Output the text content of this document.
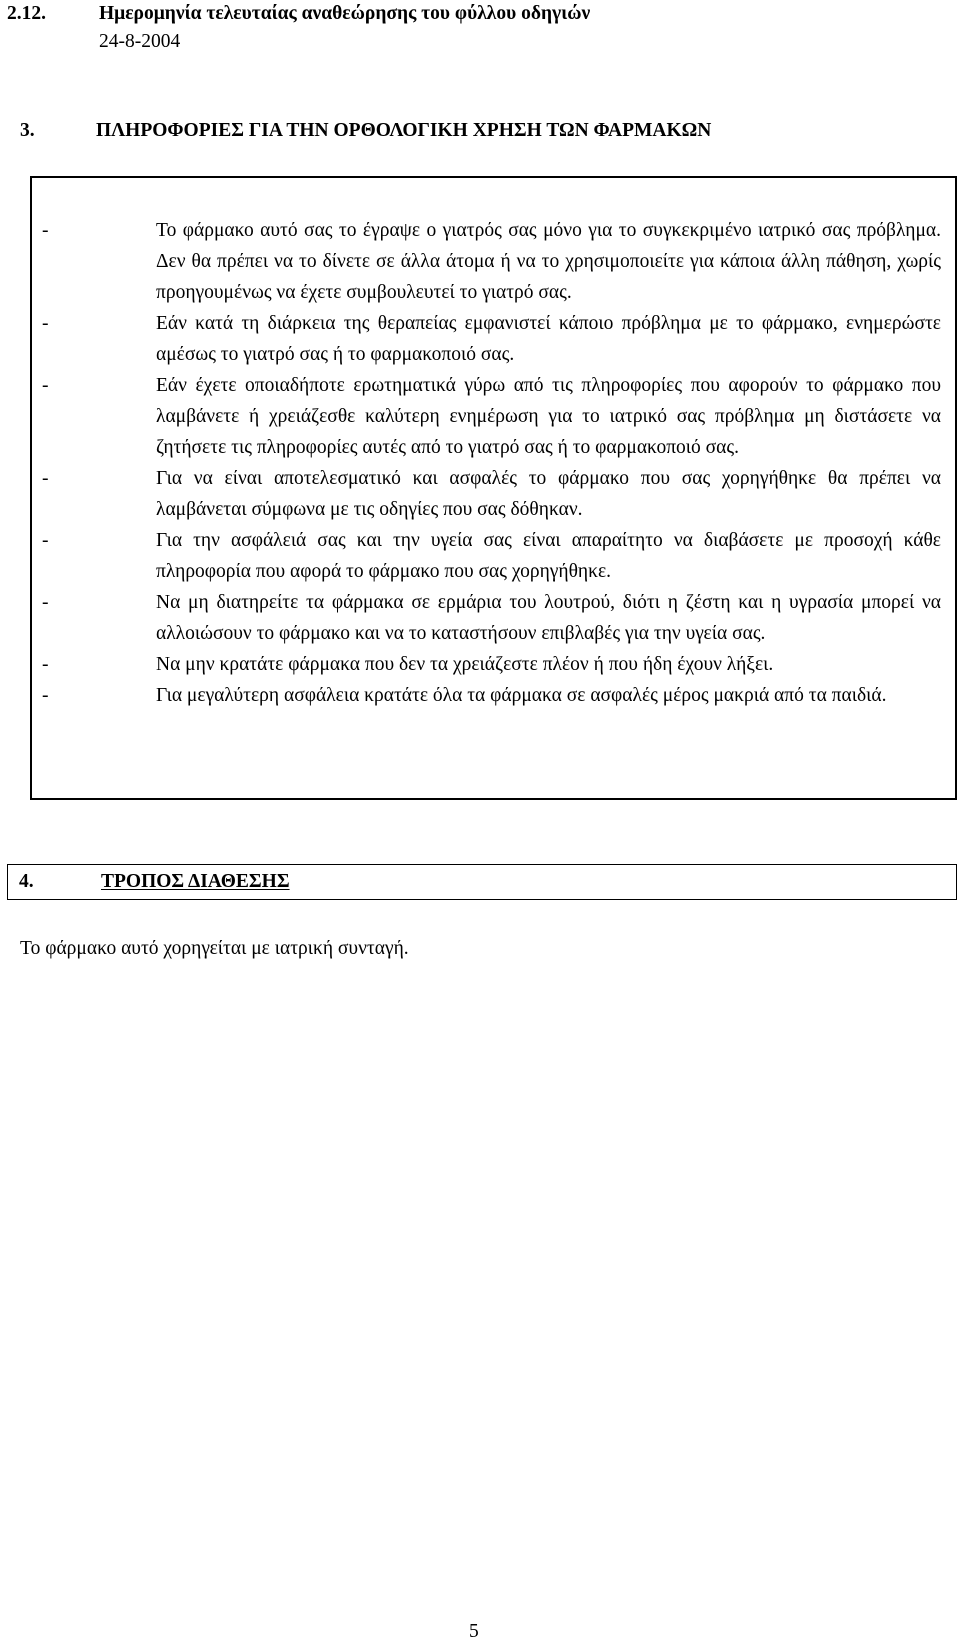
2.12.	Ημερομηνία τελευταίας αναθεώρησης του φύλλου οδηγιών
24-8-2004
3.	ΠΛΗΡΟΦΟΡΙΕΣ ΓΙΑ ΤΗΝ ΟΡΘΟΛΟΓΙΚΗ ΧΡΗΣΗ ΤΩΝ ΦΑΡΜΑΚΩΝ
-	Το φάρμακο αυτό σας το έγραψε ο γιατρός σας μόνο για το συγκεκριμένο ιατρικό σας πρόβλημα. Δεν θα πρέπει να το δίνετε σε άλλα άτομα ή να το χρησιμοποιείτε για κάποια άλλη πάθηση, χωρίς προηγουμένως να έχετε συμβουλευτεί το γιατρό σας.
-	Εάν κατά τη διάρκεια της θεραπείας εμφανιστεί κάποιο πρόβλημα με το φάρμακο, ενημερώστε αμέσως το γιατρό σας ή το φαρμακοποιό σας.
-	Εάν έχετε οποιαδήποτε ερωτηματικά γύρω από τις πληροφορίες που αφορούν το φάρμακο που λαμβάνετε ή χρειάζεσθε καλύτερη ενημέρωση για το ιατρικό σας πρόβλημα μη διστάσετε να ζητήσετε τις πληροφορίες αυτές από το γιατρό σας ή το φαρμακοποιό σας.
-	Για να είναι αποτελεσματικό και ασφαλές το φάρμακο που σας χορηγήθηκε θα πρέπει να λαμβάνεται σύμφωνα με τις οδηγίες που σας δόθηκαν.
-	Για την ασφάλειά σας και την υγεία σας είναι απαραίτητο να διαβάσετε με προσοχή κάθε πληροφορία που αφορά το φάρμακο που σας χορηγήθηκε.
-	Να μη διατηρείτε τα φάρμακα σε ερμάρια του λουτρού, διότι η ζέστη και η υγρασία μπορεί να αλλοιώσουν το φάρμακο και να το καταστήσουν επιβλαβές για την υγεία σας.
-	Να μην κρατάτε φάρμακα που δεν τα χρειάζεστε πλέον ή που ήδη έχουν λήξει.
-	Για μεγαλύτερη ασφάλεια κρατάτε όλα τα φάρμακα σε ασφαλές μέρος μακριά από τα παιδιά.
4.	ΤΡΟΠΟΣ ΔΙΑΘΕΣΗΣ
Το φάρμακο αυτό χορηγείται με ιατρική συνταγή.
5
